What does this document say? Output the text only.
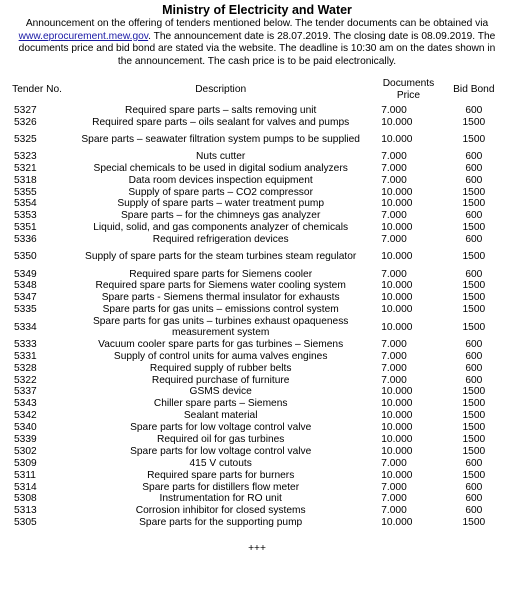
Ministry of Electricity and Water

Announcement on the offering of tenders mentioned below. The tender documents can be obtained via www.eprocurement.mew.gov. The announcement date is 28.07.2019. The closing date is 08.09.2019. The documents price and bid bond are stated via the website. The deadline is 10:30 am on the dates shown in the announcement. The cash price is to be paid electronically.

Tender No.	Description	Documents Price	Bid Bond
5327	Required spare parts – salts removing unit	7.000	600
5326	Required spare parts – oils sealant for valves and pumps	10.000	1500
5325	Spare parts – seawater filtration system pumps to be supplied	10.000	1500
5323	Nuts cutter	7.000	600
5321	Special chemicals to be used in digital sodium analyzers	7.000	600
5318	Data room devices inspection equipment	7.000	600
5355	Supply of spare parts – CO2 compressor	10.000	1500
5354	Supply of spare parts – water treatment pump	10.000	1500
5353	Spare parts – for the chimneys gas analyzer	7.000	600
5351	Liquid, solid, and gas components analyzer of chemicals	10.000	1500
5336	Required refrigeration devices	7.000	600
5350	Supply of spare parts for the steam turbines steam regulator	10.000	1500
5349	Required spare parts for Siemens cooler	7.000	600
5348	Required spare parts for Siemens water cooling system	10.000	1500
5347	Spare parts - Siemens thermal insulator for exhausts	10.000	1500
5335	Spare parts for gas units – emissions control system	10.000	1500
5334	Spare parts for gas units – turbines exhaust opaqueness measurement system	10.000	1500
5333	Vacuum cooler spare parts for gas turbines – Siemens	7.000	600
5331	Supply of control units for auma valves engines	7.000	600
5328	Required supply of rubber belts	7.000	600
5322	Required purchase of furniture	7.000	600
5337	GSMS device	10.000	1500
5343	Chiller spare parts – Siemens	10.000	1500
5342	Sealant material	10.000	1500
5340	Spare parts for low voltage control valve	10.000	1500
5339	Required oil for gas turbines	10.000	1500
5302	Spare parts for low voltage control valve	10.000	1500
5309	415 V cutouts	7.000	600
5311	Required spare parts for burners	10.000	1500
5314	Spare parts for distillers flow meter	7.000	600
5308	Instrumentation for RO unit	7.000	600
5313	Corrosion inhibitor for closed systems	7.000	600
5305	Spare parts for the supporting pump	10.000	1500
+++
